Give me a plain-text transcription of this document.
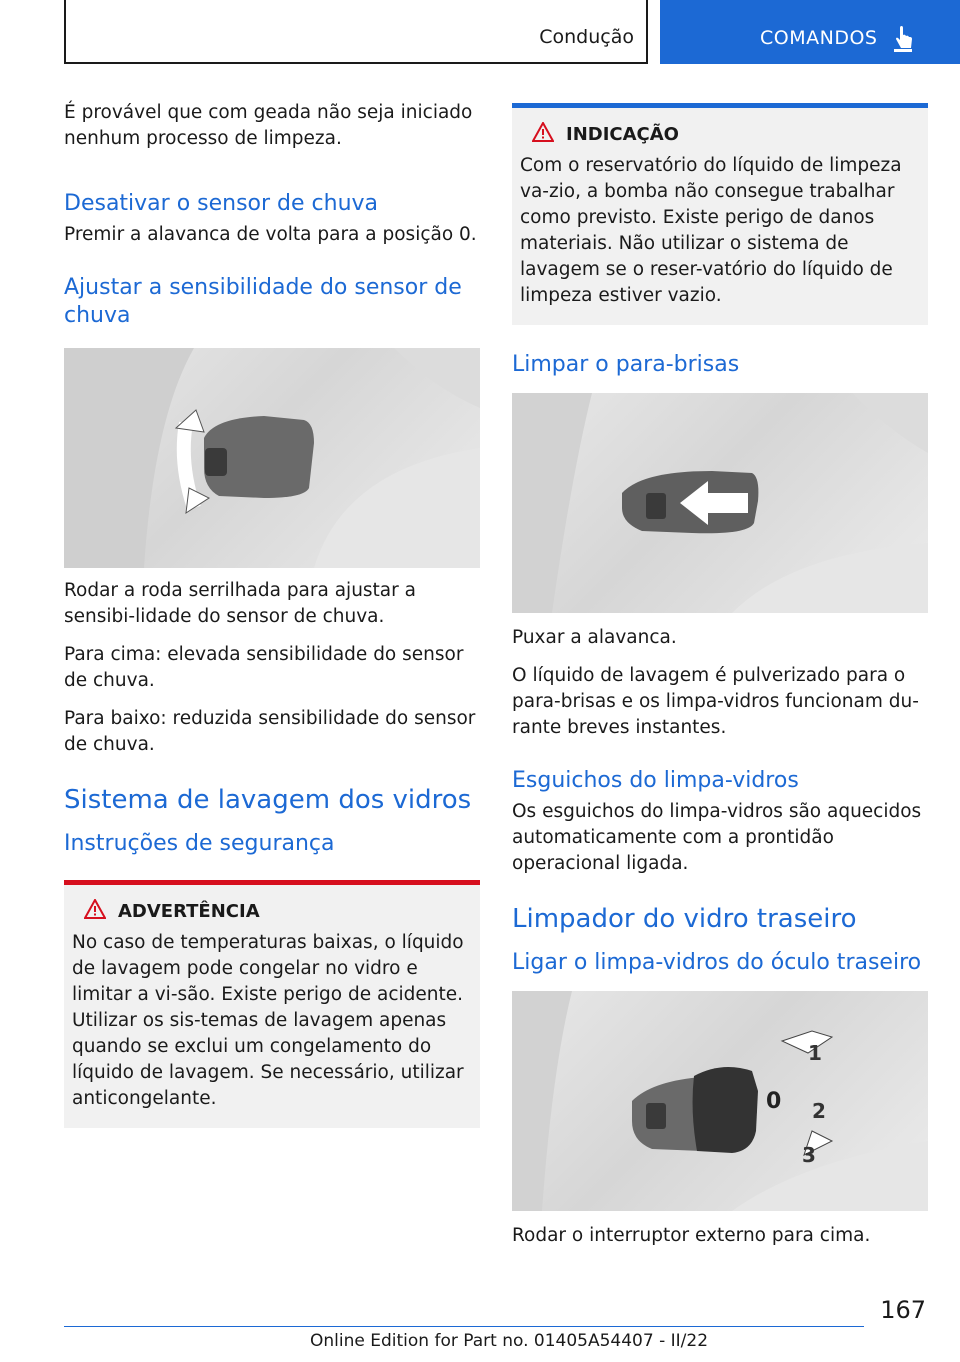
Condução	COMANDOS

É provável que com geada não seja iniciado nenhum processo de limpeza.

Desativar o sensor de chuva

Premir a alavanca de volta para a posição 0.

Ajustar a sensibilidade do sensor de chuva

Rodar a roda serrilhada para ajustar a sensibi-lidade do sensor de chuva.

Para cima: elevada sensibilidade do sensor de chuva.

Para baixo: reduzida sensibilidade do sensor de chuva.

Sistema de lavagem dos vidros
Instruções de segurança
ADVERTÊNCIA

No caso de temperaturas baixas, o líquido de lavagem pode congelar no vidro e limitar a vi-são. Existe perigo de acidente. Utilizar os sis-temas de lavagem apenas quando se exclui um congelamento do líquido de lavagem. Se necessário, utilizar anticongelante.

INDICAÇÃO

Com o reservatório do líquido de limpeza va-zio, a bomba não consegue trabalhar como previsto. Existe perigo de danos materiais. Não utilizar o sistema de lavagem se o reser-vatório do líquido de limpeza estiver vazio.

Limpar o para-brisas

Puxar a alavanca.

O líquido de lavagem é pulverizado para o para-brisas e os limpa-vidros funcionam du-rante breves instantes.

Esguichos do limpa-vidros

Os esguichos do limpa-vidros são aquecidos automaticamente com a prontidão operacional ligada.

Limpador do vidro traseiro
Ligar o limpa-vidros do óculo traseiro
1
0 2
3

Rodar o interruptor externo para cima.

167
Online Edition for Part no. 01405A54407 - II/22
